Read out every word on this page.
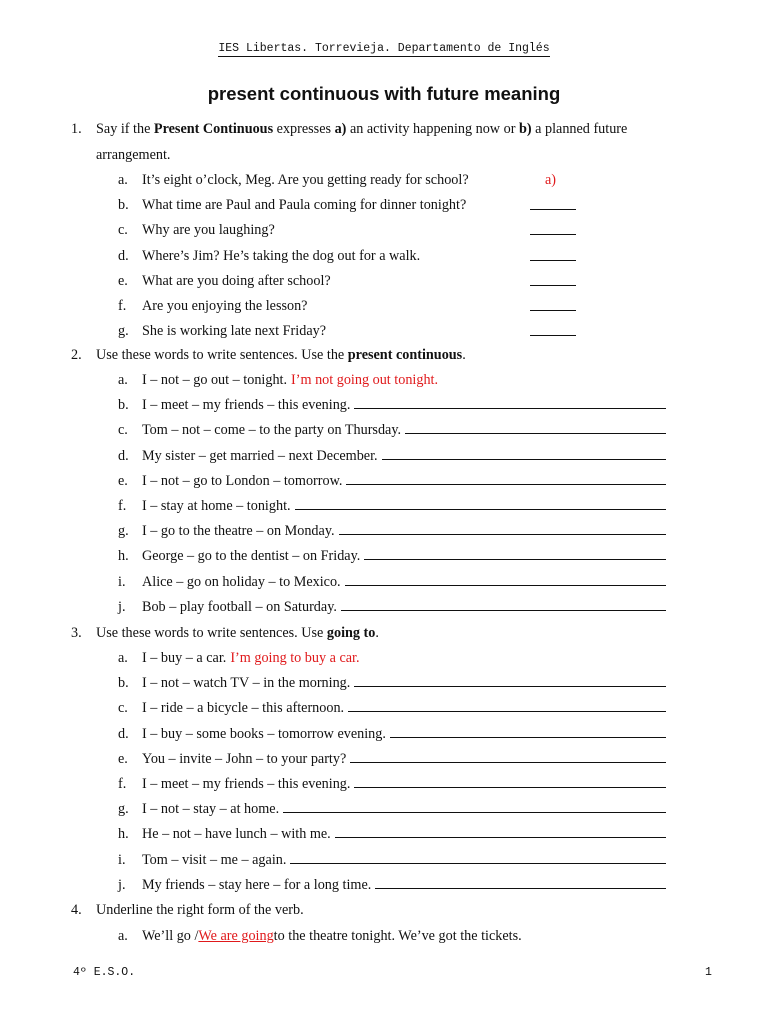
IES Libertas. Torrevieja. Departamento de Inglés
present continuous with future meaning
1. Say if the Present Continuous expresses a) an activity happening now or b) a planned future
arrangement.
a. It’s eight o’clock, Meg. Are you getting ready for school?	a)
b. What time are Paul and Paula coming for dinner tonight?
c. Why are you laughing?
d. Where’s Jim? He’s taking the dog out for a walk.
e. What are you doing after school?
f. Are you enjoying the lesson?
g. She is working late next Friday?
2. Use these words to write sentences. Use the present continuous.
a. I – not – go out – tonight. I’m not going out tonight.
b. I – meet – my friends – this evening.
c. Tom – not – come – to the party on Thursday.
d. My sister – get married – next December.
e. I – not – go to London – tomorrow.
f. I – stay at home – tonight.
g. I – go to the theatre – on Monday.
h. George – go to the dentist – on Friday.
i. Alice – go on holiday – to Mexico.
j. Bob – play football – on Saturday.
3. Use these words to write sentences. Use going to.
a. I – buy – a car. I’m going to buy a car.
b. I – not – watch TV – in the morning.
c. I – ride – a bicycle – this afternoon.
d. I – buy – some books – tomorrow evening.
e. You – invite – John – to your party?
f. I – meet – my friends – this evening.
g. I – not – stay – at home.
h. He – not – have lunch – with me.
i. Tom – visit – me – again.
j. My friends – stay here – for a long time.
4. Underline the right form of the verb.
a. We’ll go / We are going to the theatre tonight. We’ve got the tickets.
4º E.S.O.	1
